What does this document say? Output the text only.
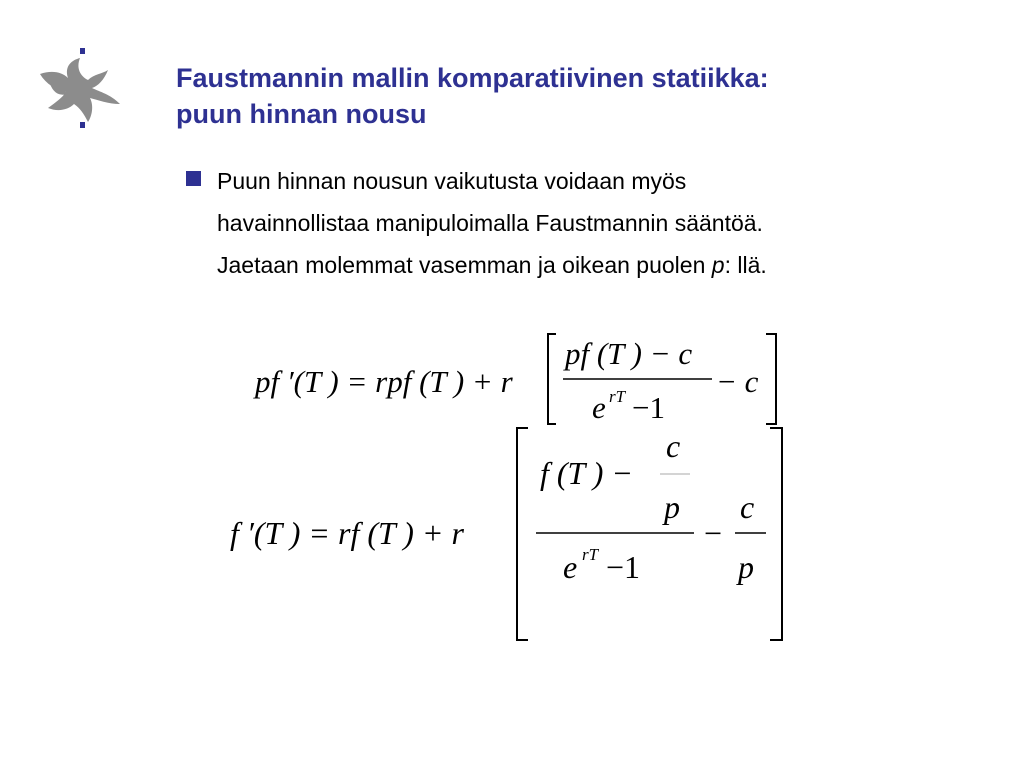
Faustmannin mallin komparatiivinen statiikka:
puun hinnan nousu

Puun hinnan nousun vaikutusta voidaan myös
havainnollistaa manipuloimalla Faustmannin sääntöä.
Jaetaan molemmat vasemman ja oikean puolen p: llä.

pf ′(T ) = rpf (T ) + r
pf (T ) − c
e rT −1
− c
f ′(T ) = rf (T ) + r
f (T ) −
c
p
e rT −1
−
c
p
